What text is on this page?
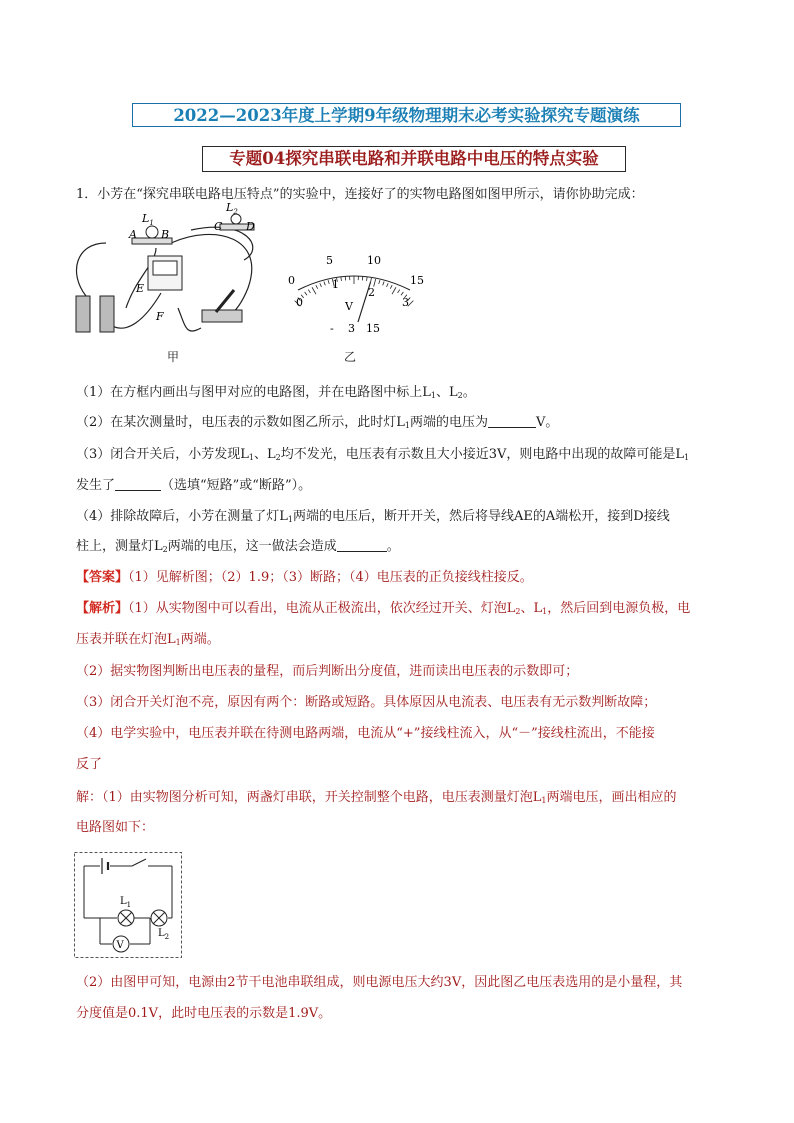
2022—2023年度上学期9年级物理期末必考实验探究专题演练
专题04探究串联电路和并联电路中电压的特点实验
1．小芳在“探究串联电路电压特点”的实验中，连接好了的实物电路图如图甲所示，请你协助完成：
$L_1$
A B
$L_2$
C D
E
F
甲
0
5	10
15
0
1
2
3
V
- 3 15
乙
（1）在方框内画出与图甲对应的电路图，并在电路图中标上$L_1$、$L_2$。
（2）在某次测量时，电压表的示数如图乙所示，此时灯$L_1$两端的电压为	V。
（3）闭合开关后，小芳发现$L_1$、$L_2$均不发光，电压表有示数且大小接近3V，则电路中出现的故障可能是$L_1$
发生了	（选填“短路”或“断路”）。
（4）排除故障后，小芳在测量了灯$L_1$两端的电压后，断开开关，然后将导线AE的A端松开，接到D接线
柱上，测量灯$L_2$两端的电压，这一做法会造成	。
【答案】（1）见解析图；（2）1.9；（3）断路；（4）电压表的正负接线柱接反。
【解析】（1）从实物图中可以看出，电流从正极流出，依次经过开关、灯泡$L_2$、$L_1$，然后回到电源负极，电
压表并联在灯泡$L_1$两端。
（2）据实物图判断出电压表的量程，而后判断出分度值，进而读出电压表的示数即可；
（3）闭合开关灯泡不亮，原因有两个：断路或短路。具体原因从电流表、电压表有无示数判断故障；
（4）电学实验中，电压表并联在待测电路两端，电流从“+”接线柱流入，从“－”接线柱流出，不能接
反了
解：（1）由实物图分析可知，两盏灯串联，开关控制整个电路，电压表测量灯泡$L_1$两端电压，画出相应的
电路图如下：
V
$L_1$
$L_2$
（2）由图甲可知，电源由2节干电池串联组成，则电源电压大约3V，因此图乙电压表选用的是小量程，其
分度值是0.1V，此时电压表的示数是1.9V。
